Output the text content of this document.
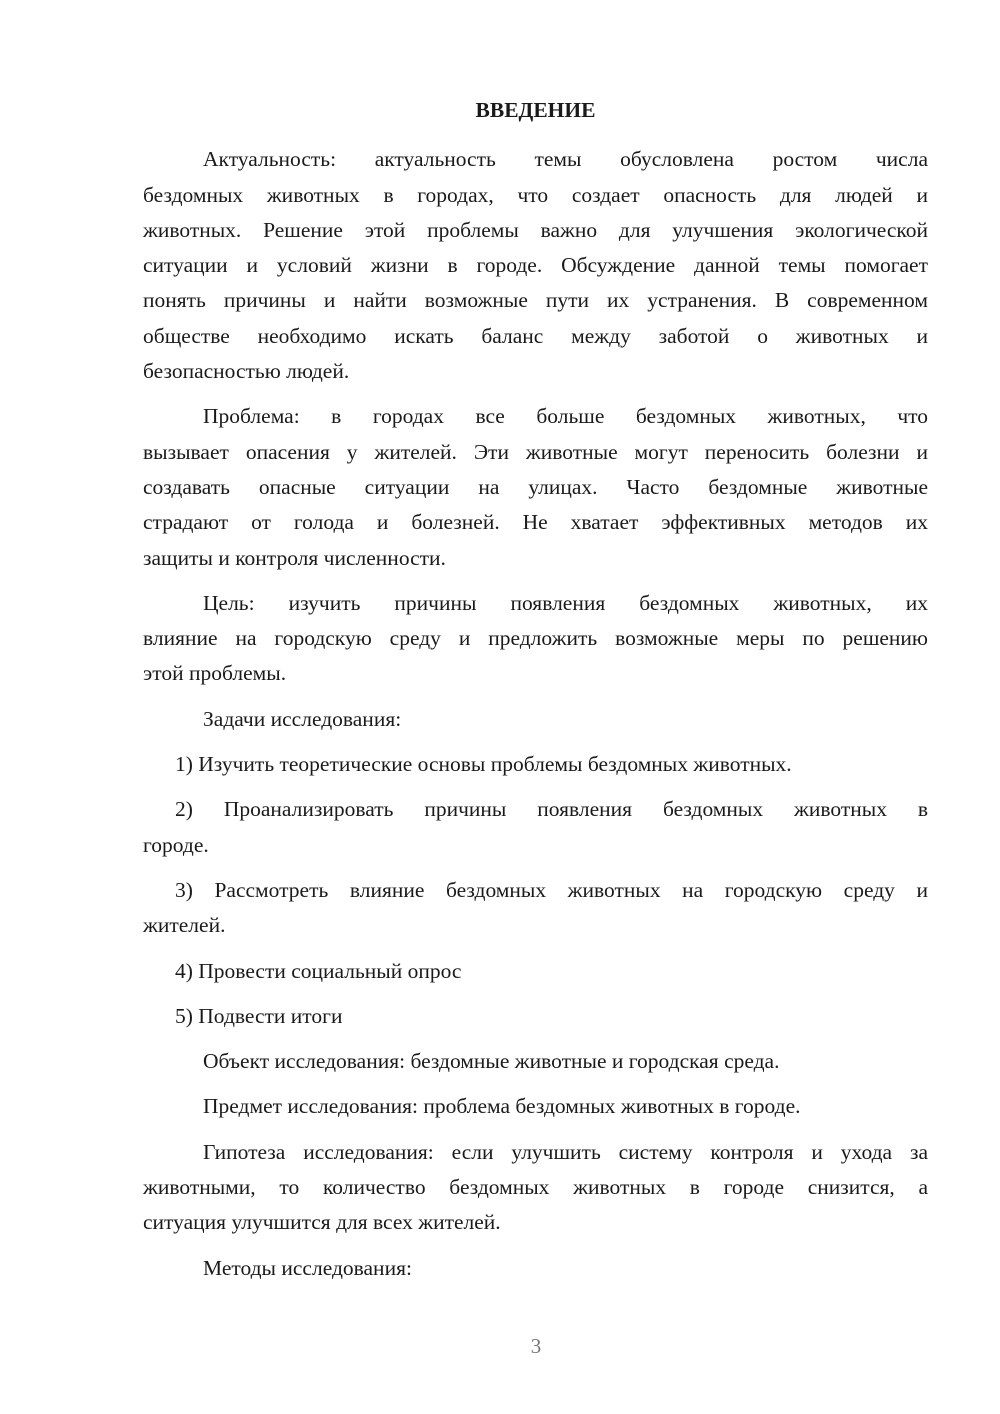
ВВЕДЕНИЕ
Актуальность: актуальность темы обусловлена ростом числа
бездомных животных в городах, что создает опасность для людей и
животных. Решение этой проблемы важно для улучшения экологической
ситуации и условий жизни в городе. Обсуждение данной темы помогает
понять причины и найти возможные пути их устранения. В современном
обществе необходимо искать баланс между заботой о животных и
безопасностью людей.
Проблема: в городах все больше бездомных животных, что
вызывает опасения у жителей. Эти животные могут переносить болезни и
создавать опасные ситуации на улицах. Часто бездомные животные
страдают от голода и болезней. Не хватает эффективных методов их
защиты и контроля численности.
Цель: изучить причины появления бездомных животных, их
влияние на городскую среду и предложить возможные меры по решению
этой проблемы.
Задачи исследования:
1) Изучить теоретические основы проблемы бездомных животных.
2) Проанализировать причины появления бездомных животных в
городе.
3) Рассмотреть влияние бездомных животных на городскую среду и
жителей.
4) Провести социальный опрос
5) Подвести итоги
Объект исследования: бездомные животные и городская среда.
Предмет исследования: проблема бездомных животных в городе.
Гипотеза исследования: если улучшить систему контроля и ухода за
животными, то количество бездомных животных в городе снизится, а
ситуация улучшится для всех жителей.
Методы исследования:
3
